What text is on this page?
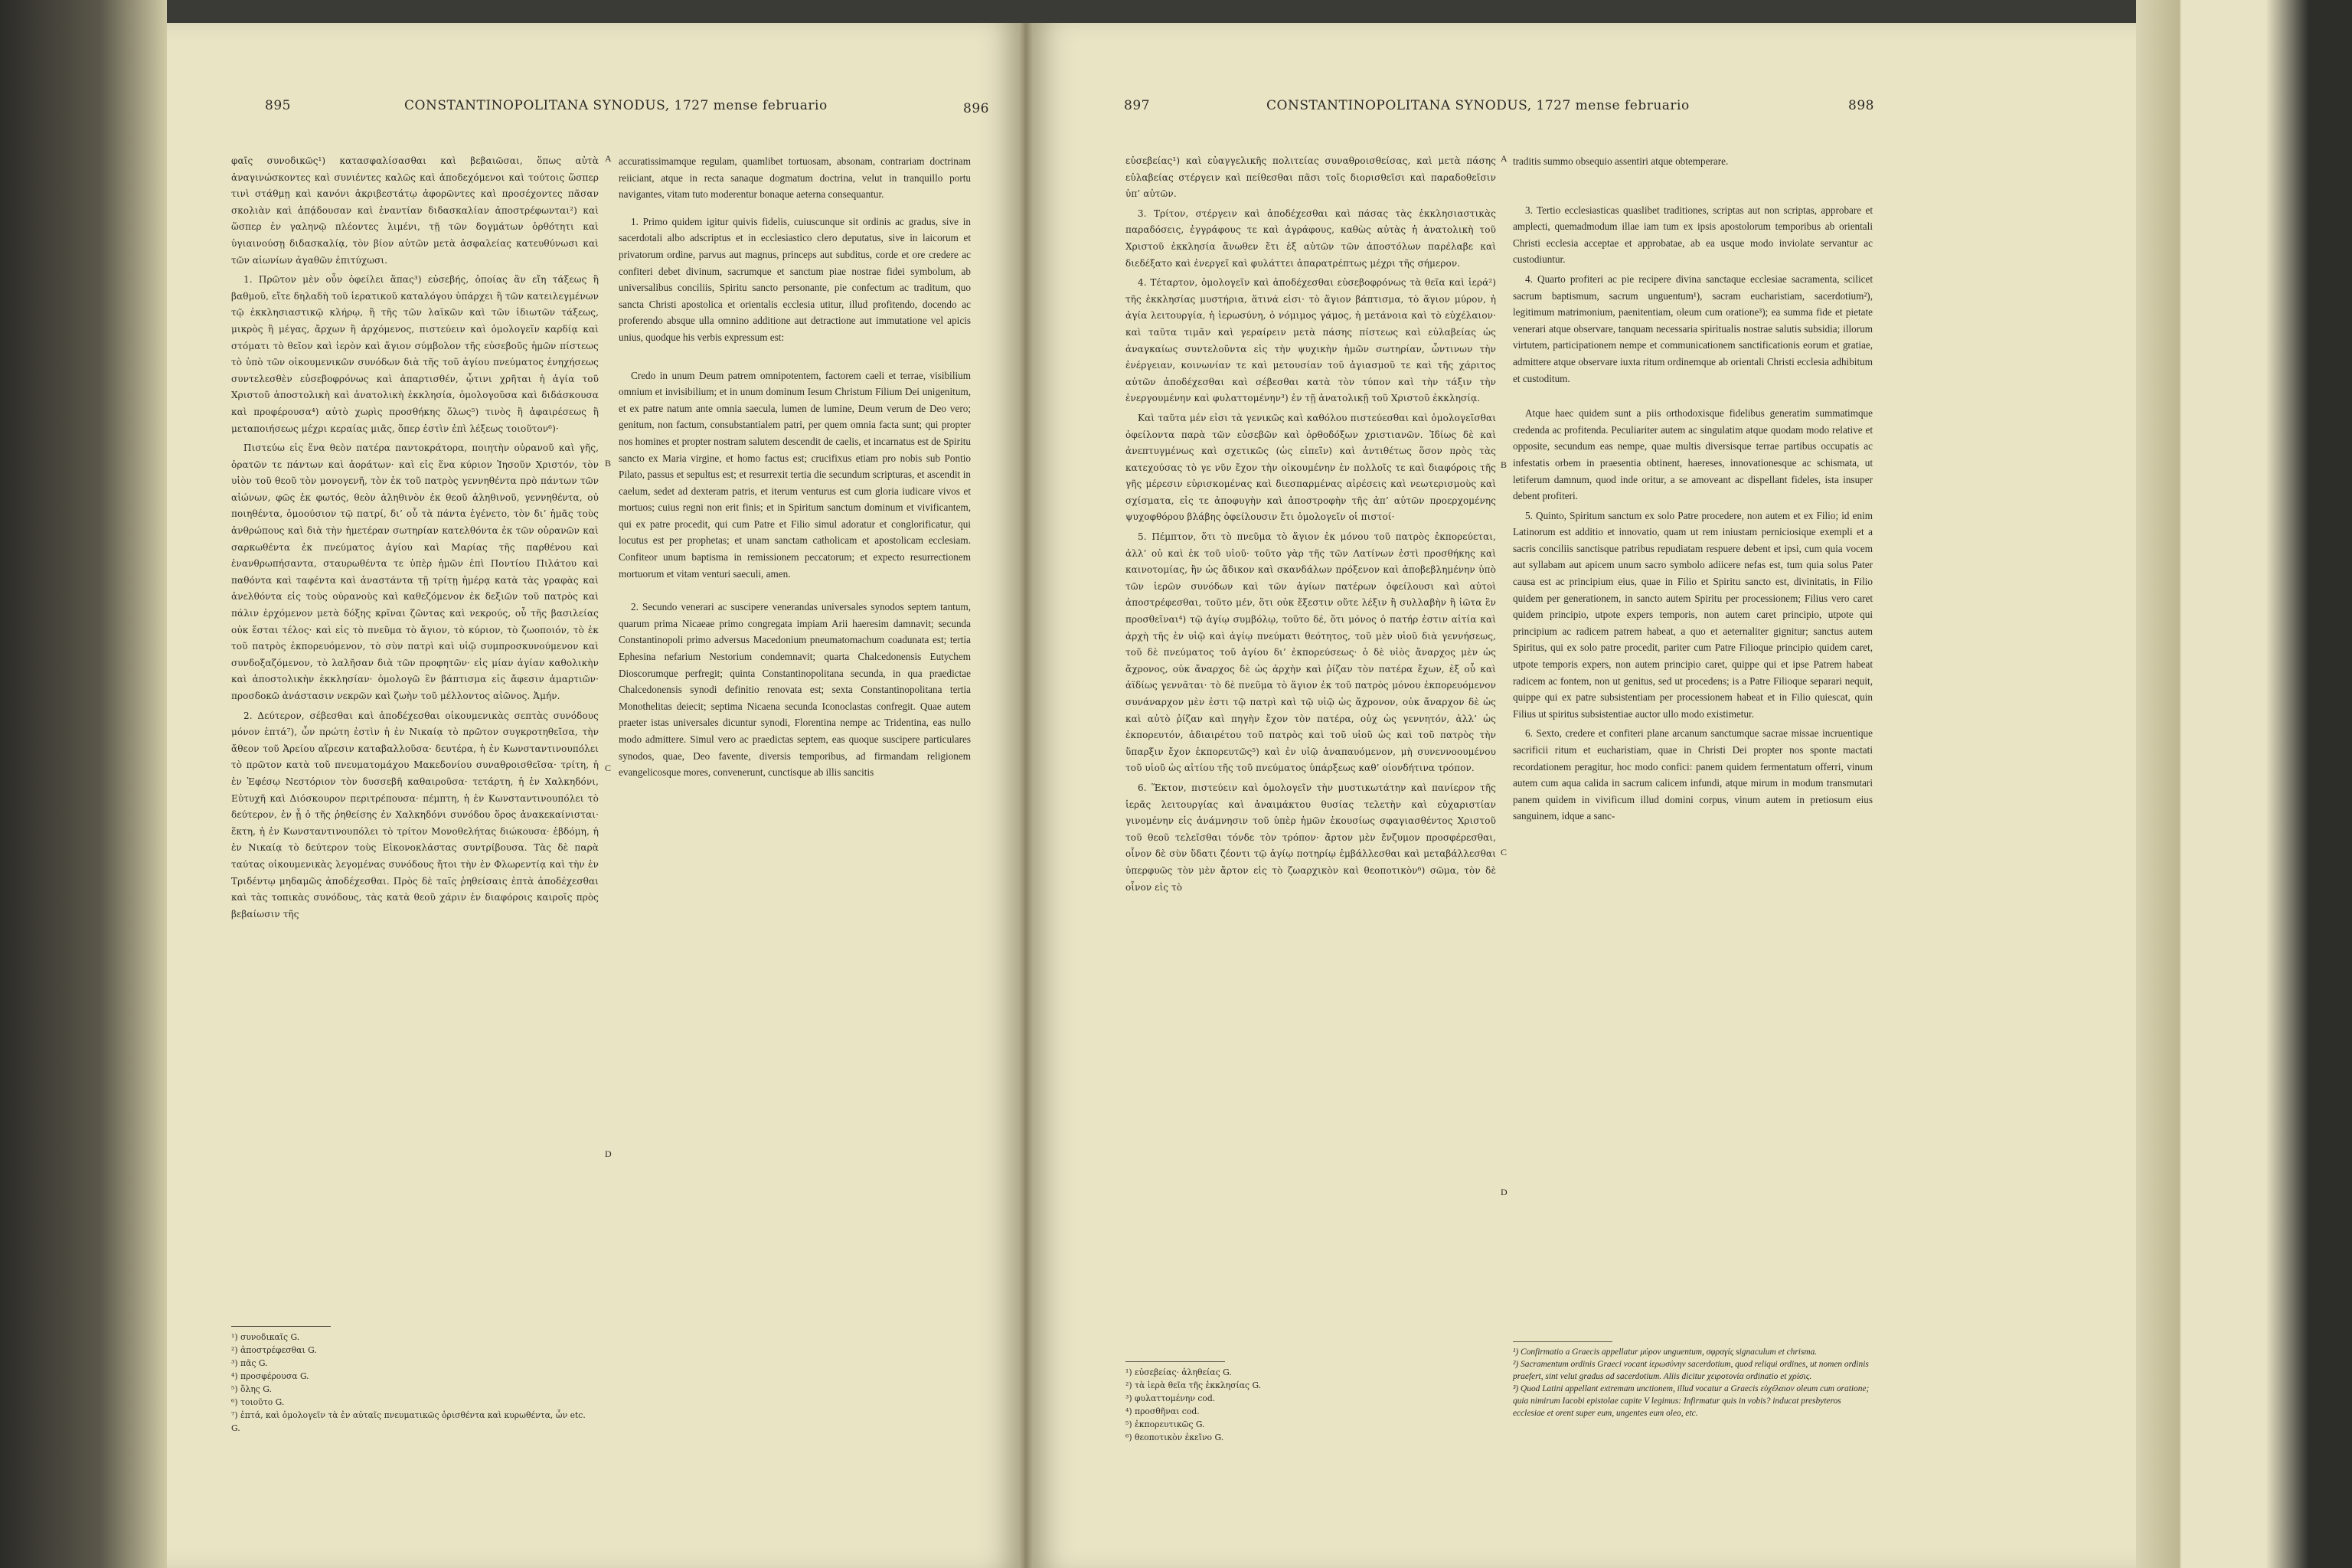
895	CONSTANTINOPOLITANA SYNODUS, 1727 mense februario	896

φαῖς συνοδικῶς¹) κατασφαλίσασθαι καὶ βεβαιῶσαι, ὅπως αὐτὰ ἀναγινώσκοντες καὶ συνιέντες καλῶς καὶ ἀποδεχόμενοι καὶ τούτοις ὥσπερ τινὶ στάθμῃ καὶ κανόνι ἀκριβεστάτῳ ἀφορῶντες καὶ προσέχοντες πᾶσαν σκολιὰν καὶ ἀπᾴδουσαν καὶ ἐναντίαν διδασκαλίαν ἀποστρέφωνται²) καὶ ὥσπερ ἐν γαληνῷ πλέοντες λιμένι, τῇ τῶν δογμάτων ὀρθότητι καὶ ὑγιαινούσῃ διδασκαλίᾳ, τὸν βίον αὐτῶν μετὰ ἀσφαλείας κατευθύνωσι καὶ τῶν αἰωνίων ἀγαθῶν ἐπιτύχωσι.

1. Πρῶτον μὲν οὖν ὀφείλει ἅπας³) εὐσεβής, ὁποίας ἂν εἴη τάξεως ἢ βαθμοῦ, εἴτε δηλαδὴ τοῦ ἱερατικοῦ καταλόγου ὑπάρχει ἢ τῶν κατειλεγμένων τῷ ἐκκλησιαστικῷ κλήρῳ, ἢ τῆς τῶν λαϊκῶν καὶ τῶν ἰδιωτῶν τάξεως, μικρὸς ἢ μέγας, ἄρχων ἢ ἀρχόμενος, πιστεύειν καὶ ὁμολογεῖν καρδίᾳ καὶ στόματι τὸ θεῖον καὶ ἱερὸν καὶ ἅγιον σύμβολον τῆς εὐσεβοῦς ἡμῶν πίστεως τὸ ὑπὸ τῶν οἰκουμενικῶν συνόδων διὰ τῆς τοῦ ἁγίου πνεύματος ἐνηχήσεως συντελεσθὲν εὐσεβοφρόνως καὶ ἀπαρτισθέν, ᾧτινι χρῆται ἡ ἁγία τοῦ Χριστοῦ ἀποστολικὴ καὶ ἀνατολικὴ ἐκκλησία, ὁμολογοῦσα καὶ διδάσκουσα καὶ προφέρουσα⁴) αὐτὸ χωρὶς προσθήκης ὅλως⁵) τινὸς ἢ ἀφαιρέσεως ἢ μεταποιήσεως μέχρι κεραίας μιᾶς, ὅπερ ἐστὶν ἐπὶ λέξεως τοιοῦτον⁶)·

Πιστεύω εἰς ἕνα θεὸν πατέρα παντοκράτορα, ποιητὴν οὐρανοῦ καὶ γῆς, ὁρατῶν τε πάντων καὶ ἀοράτων· καὶ εἰς ἕνα κύριον Ἰησοῦν Χριστόν, τὸν υἱὸν τοῦ θεοῦ τὸν μονογενῆ, τὸν ἐκ τοῦ πατρὸς γεννηθέντα πρὸ πάντων τῶν αἰώνων, φῶς ἐκ φωτός, θεὸν ἀληθινὸν ἐκ θεοῦ ἀληθινοῦ, γεννηθέντα, οὐ ποιηθέντα, ὁμοούσιον τῷ πατρί, δι’ οὗ τὰ πάντα ἐγένετο, τὸν δι’ ἡμᾶς τοὺς ἀνθρώπους καὶ διὰ τὴν ἡμετέραν σωτηρίαν κατελθόντα ἐκ τῶν οὐρανῶν καὶ σαρκωθέντα ἐκ πνεύματος ἁγίου καὶ Μαρίας τῆς παρθένου καὶ ἐνανθρωπήσαντα, σταυρωθέντα τε ὑπὲρ ἡμῶν ἐπὶ Ποντίου Πιλάτου καὶ παθόντα καὶ ταφέντα καὶ ἀναστάντα τῇ τρίτῃ ἡμέρᾳ κατὰ τὰς γραφὰς καὶ ἀνελθόντα εἰς τοὺς οὐρανοὺς καὶ καθεζόμενον ἐκ δεξιῶν τοῦ πατρὸς καὶ πάλιν ἐρχόμενον μετὰ δόξης κρῖναι ζῶντας καὶ νεκρούς, οὗ τῆς βασιλείας οὐκ ἔσται τέλος· καὶ εἰς τὸ πνεῦμα τὸ ἅγιον, τὸ κύριον, τὸ ζωοποιόν, τὸ ἐκ τοῦ πατρὸς ἐκπορευόμενον, τὸ σὺν πατρὶ καὶ υἱῷ συμπροσκυνούμενον καὶ συνδοξαζόμενον, τὸ λαλῆσαν διὰ τῶν προφητῶν· εἰς μίαν ἁγίαν καθολικὴν καὶ ἀποστολικὴν ἐκκλησίαν· ὁμολογῶ ἓν βάπτισμα εἰς ἄφεσιν ἁμαρτιῶν· προσδοκῶ ἀνάστασιν νεκρῶν καὶ ζωὴν τοῦ μέλλοντος αἰῶνος. Ἀμήν.

2. Δεύτερον, σέβεσθαι καὶ ἀποδέχεσθαι οἰκουμενικὰς σεπτὰς συνόδους μόνον ἑπτά⁷), ὧν πρώτη ἐστὶν ἡ ἐν Νικαίᾳ τὸ πρῶτον συγκροτηθεῖσα, τὴν ἄθεον τοῦ Ἀρείου αἵρεσιν καταβαλλοῦσα· δευτέρα, ἡ ἐν Κωνσταντινουπόλει τὸ πρῶτον κατὰ τοῦ πνευματομάχου Μακεδονίου συναθροισθεῖσα· τρίτη, ἡ ἐν Ἐφέσῳ Νεστόριον τὸν δυσσεβῆ καθαιροῦσα· τετάρτη, ἡ ἐν Χαλκηδόνι, Εὐτυχῆ καὶ Διόσκουρον περιτρέπουσα· πέμπτη, ἡ ἐν Κωνσταντινουπόλει τὸ δεύτερον, ἐν ᾗ ὁ τῆς ῥηθείσης ἐν Χαλκηδόνι συνόδου ὅρος ἀνακεκαίνισται· ἕκτη, ἡ ἐν Κωνσταντινουπόλει τὸ τρίτον Μονοθελήτας διώκουσα· ἑβδόμη, ἡ ἐν Νικαίᾳ τὸ δεύτερον τοὺς Εἰκονοκλάστας συντρίβουσα. Τὰς δὲ παρὰ ταύτας οἰκουμενικὰς λεγομένας συνόδους ἤτοι τὴν ἐν Φλωρεντίᾳ καὶ τὴν ἐν Τριδέντῳ μηδαμῶς ἀποδέχεσθαι. Πρὸς δὲ ταῖς ῥηθείσαις ἑπτὰ ἀποδέχεσθαι καὶ τὰς τοπικὰς συνόδους, τὰς κατὰ θεοῦ χάριν ἐν διαφόροις καιροῖς πρὸς βεβαίωσιν τῆς

accuratissimamque regulam, quamlibet tortuosam, absonam, contrariam doctrinam reiiciant, atque in recta sanaque dogmatum doctrina, velut in tranquillo portu navigantes, vitam tuto moderentur bonaque aeterna consequantur.

1. Primo quidem igitur quivis fidelis, cuiuscunque sit ordinis ac gradus, sive in sacerdotali albo adscriptus et in ecclesiastico clero deputatus, sive in laicorum et privatorum ordine, parvus aut magnus, princeps aut subditus, corde et ore credere ac confiteri debet divinum, sacrumque et sanctum piae nostrae fidei symbolum, ab universalibus conciliis, Spiritu sancto personante, pie confectum ac traditum, quo sancta Christi apostolica et orientalis ecclesia utitur, illud profitendo, docendo ac proferendo absque ulla omnino additione aut detractione aut immutatione vel apicis unius, quodque his verbis expressum est:

Credo in unum Deum patrem omnipotentem, factorem caeli et terrae, visibilium omnium et invisibilium; et in unum dominum Iesum Christum Filium Dei unigenitum, et ex patre natum ante omnia saecula, lumen de lumine, Deum verum de Deo vero; genitum, non factum, consubstantialem patri, per quem omnia facta sunt; qui propter nos homines et propter nostram salutem descendit de caelis, et incarnatus est de Spiritu sancto ex Maria virgine, et homo factus est; crucifixus etiam pro nobis sub Pontio Pilato, passus et sepultus est; et resurrexit tertia die secundum scripturas, et ascendit in caelum, sedet ad dexteram patris, et iterum venturus est cum gloria iudicare vivos et mortuos; cuius regni non erit finis; et in Spiritum sanctum dominum et vivificantem, qui ex patre procedit, qui cum Patre et Filio simul adoratur et conglorificatur, qui locutus est per prophetas; et unam sanctam catholicam et apostolicam ecclesiam. Confiteor unum baptisma in remissionem peccatorum; et expecto resurrectionem mortuorum et vitam venturi saeculi, amen.

2. Secundo venerari ac suscipere venerandas universales synodos septem tantum, quarum prima Nicaeae primo congregata impiam Arii haeresim damnavit; secunda Constantinopoli primo adversus Macedonium pneumatomachum coadunata est; tertia Ephesina nefarium Nestorium condemnavit; quarta Chalcedonensis Eutychem Dioscorumque perfregit; quinta Constantinopolitana secunda, in qua praedictae Chalcedonensis synodi definitio renovata est; sexta Constantinopolitana tertia Monothelitas deiecit; septima Nicaena secunda Iconoclastas confregit. Quae autem praeter istas universales dicuntur synodi, Florentina nempe ac Tridentina, eas nullo modo admittere. Simul vero ac praedictas septem, eas quoque suscipere particulares synodos, quae, Deo favente, diversis temporibus, ad firmandam religionem evangelicosque mores, convenerunt, cunctisque ab illis sancitis

A
B
C
D
¹) συνοδικαῖς G.
²) ἀποστρέφεσθαι G.
³) πᾶς G.
⁴) προσφέρουσα G.
⁵) ὅλης G.
⁶) τοιοῦτο G.
⁷) ἑπτά, καὶ ὁμολογεῖν τὰ ἐν αὐταῖς πνευματικῶς ὁρισθέντα καὶ κυρωθέντα, ὧν etc. G.
897	CONSTANTINOPOLITANA SYNODUS, 1727 mense februario	898

εὐσεβείας¹) καὶ εὐαγγελικῆς πολιτείας συναθροισθείσας, καὶ μετὰ πάσης εὐλαβείας στέργειν καὶ πείθεσθαι πᾶσι τοῖς διορισθεῖσι καὶ παραδοθεῖσιν ὑπ’ αὐτῶν.

3. Τρίτον, στέργειν καὶ ἀποδέχεσθαι καὶ πάσας τὰς ἐκκλησιαστικὰς παραδόσεις, ἐγγράφους τε καὶ ἀγράφους, καθὼς αὐτὰς ἡ ἀνατολικὴ τοῦ Χριστοῦ ἐκκλησία ἄνωθεν ἔτι ἐξ αὐτῶν τῶν ἀποστόλων παρέλαβε καὶ διεδέξατο καὶ ἐνεργεῖ καὶ φυλάττει ἀπαρατρέπτως μέχρι τῆς σήμερον.

4. Τέταρτον, ὁμολογεῖν καὶ ἀποδέχεσθαι εὐσεβοφρόνως τὰ θεῖα καὶ ἱερά²) τῆς ἐκκλησίας μυστήρια, ἅτινά εἰσι· τὸ ἅγιον βάπτισμα, τὸ ἅγιον μύρον, ἡ ἁγία λειτουργία, ἡ ἱερωσύνη, ὁ νόμιμος γάμος, ἡ μετάνοια καὶ τὸ εὐχέλαιον· καὶ ταῦτα τιμᾶν καὶ γεραίρειν μετὰ πάσης πίστεως καὶ εὐλαβείας ὡς ἀναγκαίως συντελοῦντα εἰς τὴν ψυχικὴν ἡμῶν σωτηρίαν, ὧντινων τὴν ἐνέργειαν, κοινωνίαν τε καὶ μετουσίαν τοῦ ἁγιασμοῦ τε καὶ τῆς χάριτος αὐτῶν ἀποδέχεσθαι καὶ σέβεσθαι κατὰ τὸν τύπον καὶ τὴν τάξιν τὴν ἐνεργουμένην καὶ φυλαττομένην³) ἐν τῇ ἀνατολικῇ τοῦ Χριστοῦ ἐκκλησίᾳ.

Καὶ ταῦτα μέν εἰσι τὰ γενικῶς καὶ καθόλου πιστεύεσθαι καὶ ὁμολογεῖσθαι ὀφείλοντα παρὰ τῶν εὐσεβῶν καὶ ὀρθοδόξων χριστιανῶν. Ἰδίως δὲ καὶ ἀνεπτυγμένως καὶ σχετικῶς (ὡς εἰπεῖν) καὶ ἀντιθέτως ὅσον πρὸς τὰς κατεχούσας τὸ γε νῦν ἔχον τὴν οἰκουμένην ἐν πολλοῖς τε καὶ διαφόροις τῆς γῆς μέρεσιν εὑρισκομένας καὶ διεσπαρμένας αἱρέσεις καὶ νεωτερισμοὺς καὶ σχίσματα, εἰς τε ἀποφυγὴν καὶ ἀποστροφὴν τῆς ἀπ’ αὐτῶν προερχομένης ψυχοφθόρου βλάβης ὀφείλουσιν ἔτι ὁμολογεῖν οἱ πιστοί·

5. Πέμπτον, ὅτι τὸ πνεῦμα τὸ ἅγιον ἐκ μόνου τοῦ πατρὸς ἐκπορεύεται, ἀλλ’ οὐ καὶ ἐκ τοῦ υἱοῦ· τοῦτο γὰρ τῆς τῶν Λατίνων ἐστὶ προσθήκης καὶ καινοτομίας, ἣν ὡς ἄδικον καὶ σκανδάλων πρόξενον καὶ ἀποβεβλημένην ὑπὸ τῶν ἱερῶν συνόδων καὶ τῶν ἁγίων πατέρων ὀφείλουσι καὶ αὐτοὶ ἀποστρέφεσθαι, τοῦτο μέν, ὅτι οὐκ ἔξεστιν οὔτε λέξιν ἢ συλλαβὴν ἢ ἰῶτα ἓν προσθεῖναι⁴) τῷ ἁγίῳ συμβόλῳ, τοῦτο δέ, ὅτι μόνος ὁ πατήρ ἐστιν αἰτία καὶ ἀρχὴ τῆς ἐν υἱῷ καὶ ἁγίῳ πνεύματι θεότητος, τοῦ μὲν υἱοῦ διὰ γεννήσεως, τοῦ δὲ πνεύματος τοῦ ἁγίου δι’ ἐκπορεύσεως· ὁ δὲ υἱὸς ἄναρχος μὲν ὡς ἄχρονος, οὐκ ἄναρχος δὲ ὡς ἀρχὴν καὶ ῥίζαν τὸν πατέρα ἔχων, ἐξ οὗ καὶ ἀϊδίως γεννᾶται· τὸ δὲ πνεῦμα τὸ ἅγιον ἐκ τοῦ πατρὸς μόνου ἐκπορευόμενον συνάναρχον μὲν ἐστι τῷ πατρὶ καὶ τῷ υἱῷ ὡς ἄχρονον, οὐκ ἄναρχον δὲ ὡς καὶ αὐτὸ ῥίζαν καὶ πηγὴν ἔχον τὸν πατέρα, οὐχ ὡς γεννητόν, ἀλλ’ ὡς ἐκπορευτόν, ἀδιαιρέτου τοῦ πατρὸς καὶ τοῦ υἱοῦ ὡς καὶ τοῦ πατρὸς τὴν ὕπαρξιν ἔχον ἐκπορευτῶς⁵) καὶ ἐν υἱῷ ἀναπαυόμενον, μὴ συνεννοουμένου τοῦ υἱοῦ ὡς αἰτίου τῆς τοῦ πνεύματος ὑπάρξεως καθ’ οἱονδήτινα τρόπον.

6. Ἕκτον, πιστεύειν καὶ ὁμολογεῖν τὴν μυστικωτάτην καὶ πανίερον τῆς ἱερᾶς λειτουργίας καὶ ἀναιμάκτου θυσίας τελετὴν καὶ εὐχαριστίαν γινομένην εἰς ἀνάμνησιν τοῦ ὑπὲρ ἡμῶν ἑκουσίως σφαγιασθέντος Χριστοῦ τοῦ θεοῦ τελεῖσθαι τόνδε τὸν τρόπον· ἄρτον μὲν ἔνζυμον προσφέρεσθαι, οἶνον δὲ σὺν ὕδατι ζέοντι τῷ ἁγίῳ ποτηρίῳ ἐμβάλλεσθαι καὶ μεταβάλλεσθαι ὑπερφυῶς τὸν μὲν ἄρτον εἰς τὸ ζωαρχικὸν καὶ θεοποτικὸν⁶) σῶμα, τὸν δὲ οἶνον εἰς τὸ

traditis summo obsequio assentiri atque obtemperare.

3. Tertio ecclesiasticas quaslibet traditiones, scriptas aut non scriptas, approbare et amplecti, quemadmodum illae iam tum ex ipsis apostolorum temporibus ab orientali Christi ecclesia acceptae et approbatae, ab ea usque modo inviolate servantur ac custodiuntur.

4. Quarto profiteri ac pie recipere divina sanctaque ecclesiae sacramenta, scilicet sacrum baptismum, sacrum unguentum¹), sacram eucharistiam, sacerdotium²), legitimum matrimonium, paenitentiam, oleum cum oratione³); ea summa fide et pietate venerari atque observare, tanquam necessaria spiritualis nostrae salutis subsidia; illorum virtutem, participationem nempe et communicationem sanctificationis eorum et gratiae, admittere atque observare iuxta ritum ordinemque ab orientali Christi ecclesia adhibitum et custoditum.

Atque haec quidem sunt a piis orthodoxisque fidelibus generatim summatimque credenda ac profitenda. Peculiariter autem ac singulatim atque quodam modo relative et opposite, secundum eas nempe, quae multis diversisque terrae partibus occupatis ac infestatis orbem in praesentia obtinent, haereses, innovationesque ac schismata, ut letiferum damnum, quod inde oritur, a se amoveant ac dispellant fideles, ista insuper debent profiteri.

5. Quinto, Spiritum sanctum ex solo Patre procedere, non autem et ex Filio; id enim Latinorum est additio et innovatio, quam ut rem iniustam perniciosique exempli et a sacris conciliis sanctisque patribus repudiatam respuere debent et ipsi, cum quia vocem aut syllabam aut apicem unum sacro symbolo adiicere nefas est, tum quia solus Pater causa est ac principium eius, quae in Filio et Spiritu sancto est, divinitatis, in Filio quidem per generationem, in sancto autem Spiritu per processionem; Filius vero caret quidem principio, utpote expers temporis, non autem caret principio, utpote qui principium ac radicem patrem habeat, a quo et aeternaliter gignitur; sanctus autem Spiritus, qui ex solo patre procedit, pariter cum Patre Filioque principio quidem caret, utpote temporis expers, non autem principio caret, quippe qui et ipse Patrem habeat radicem ac fontem, non ut genitus, sed ut procedens; is a Patre Filioque separari nequit, quippe qui ex patre subsistentiam per processionem habeat et in Filio quiescat, quin Filius ut spiritus subsistentiae auctor ullo modo existimetur.

6. Sexto, credere et confiteri plane arcanum sanctumque sacrae missae incruentique sacrificii ritum et eucharistiam, quae in Christi Dei propter nos sponte mactati recordationem peragitur, hoc modo confici: panem quidem fermentatum offerri, vinum autem cum aqua calida in sacrum calicem infundi, atque mirum in modum transmutari panem quidem in vivificum illud domini corpus, vinum autem in pretiosum eius sanguinem, idque a sanc-

A
B
C
D
¹) εὐσεβείας· ἀληθείας G.
²) τὰ ἱερὰ θεῖα τῆς ἐκκλησίας G.
³) φυλαττομένην cod.
⁴) προσθῆναι cod.
⁵) ἐκπορευτικῶς G.
⁶) θεοποτικὸν ἐκεῖνο G.
¹) Confirmatio a Graecis appellatur μύρον unguentum, σφραγίς signaculum et chrisma.
²) Sacramentum ordinis Graeci vocant ἱερωσύνην sacerdotium, quod reliqui ordines, ut nomen ordinis praefert, sint velut gradus ad sacerdotium. Aliis dicitur χειροτονία ordinatio et χρίσις.
³) Quod Latini appellant extremam unctionem, illud vocatur a Graecis εὐχέλαιον oleum cum oratione; quia nimirum Iacobi epistolae capite V legimus: Infirmatur quis in vobis? inducat presbyteros ecclesiae et orent super eum, ungentes eum oleo, etc.
